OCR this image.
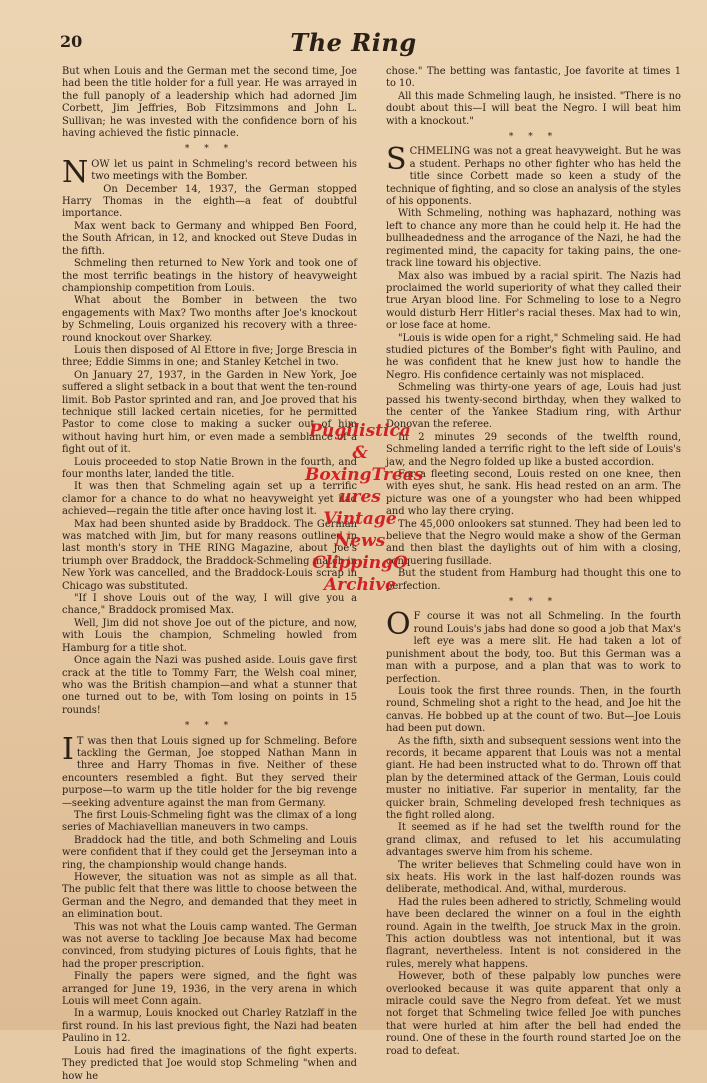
20	The Ring

But when Louis and the German met the second time, Joe had been the title holder for a full year. He was arrayed in the full panoply of a leadership which had adorned Jim Corbett, Jim Jeffries, Bob Fitzsimmons and John L. Sullivan; he was invested with the confidence born of his having achieved the fistic pinnacle.

* * *

NOW let us paint in Schmeling's record between his two meetings with the Bomber.

On December 14, 1937, the German stopped Harry Thomas in the eighth—a feat of doubtful importance.

Max went back to Germany and whipped Ben Foord, the South African, in 12, and knocked out Steve Dudas in the fifth.

Schmeling then returned to New York and took one of the most terrific beatings in the history of heavyweight championship competition from Louis.

What about the Bomber in between the two engagements with Max? Two months after Joe's knockout by Schmeling, Louis organized his recovery with a three-round knockout over Sharkey.

Louis then disposed of Al Ettore in five; Jorge Brescia in three; Eddie Simms in one; and Stanley Ketchel in two.

On January 27, 1937, in the Garden in New York, Joe suffered a slight setback in a bout that went the ten-round limit. Bob Pastor sprinted and ran, and Joe proved that his technique still lacked certain niceties, for he permitted Pastor to come close to making a sucker out of him without having hurt him, or even made a semblance of a fight out of it.

Louis proceeded to stop Natie Brown in the fourth, and four months later, landed the title.

It was then that Schmeling again set up a terrific clamor for a chance to do what no heavyweight yet had achieved—regain the title after once having lost it.

Max had been shunted aside by Braddock. The German was matched with Jim, but for many reasons outlined in last month's story in THE RING Magazine, about Joe's triumph over Braddock, the Braddock-Schmeling match in New York was cancelled, and the Braddock-Louis scrap in Chicago was substituted.

"If I shove Louis out of the way, I will give you a chance," Braddock promised Max.

Well, Jim did not shove Joe out of the picture, and now, with Louis the champion, Schmeling howled from Hamburg for a title shot.

Once again the Nazi was pushed aside. Louis gave first crack at the title to Tommy Farr, the Welsh coal miner, who was the British champion—and what a stunner that one turned out to be, with Tom losing on points in 15 rounds!

* * *

I T was then that Louis signed up for Schmeling. Before tackling the German, Joe stopped Nathan Mann in three and Harry Thomas in five. Neither of these encounters resembled a fight. But they served their purpose—to warm up the title holder for the big revenge—seeking adventure against the man from Germany.

The first Louis-Schmeling fight was the climax of a long series of Machiavellian maneuvers in two camps.

Braddock had the title, and both Schmeling and Louis were confident that if they could get the Jerseyman into a ring, the championship would change hands.

However, the situation was not as simple as all that. The public felt that there was little to choose between the German and the Negro, and demanded that they meet in an elimination bout.

This was not what the Louis camp wanted. The German was not averse to tackling Joe because Max had become convinced, from studying pictures of Louis fights, that he had the proper prescription.

Finally the papers were signed, and the fight was arranged for June 19, 1936, in the very arena in which Louis will meet Conn again.

In a warmup, Louis knocked out Charley Ratzlaff in the first round. In his last previous fight, the Nazi had beaten Paulino in 12.

Louis had fired the imaginations of the fight experts. They predicted that Joe would stop Schmeling "when and how he

chose." The betting was fantastic, Joe favorite at times 1 to 10.

All this made Schmeling laugh, he insisted. "There is no doubt about this—I will beat the Negro. I will beat him with a knockout."

* * *

SCHMELING was not a great heavyweight. But he was a student. Perhaps no other fighter who has held the title since Corbett made so keen a study of the technique of fighting, and so close an analysis of the styles of his opponents.

With Schmeling, nothing was haphazard, nothing was left to chance any more than he could help it. He had the bullheadedness and the arrogance of the Nazi, he had the regimented mind, the capacity for taking pains, the one-track line toward his objective.

Max also was imbued by a racial spirit. The Nazis had proclaimed the world superiority of what they called their true Aryan blood line. For Schmeling to lose to a Negro would disturb Herr Hitler's racial theses. Max had to win, or lose face at home.

"Louis is wide open for a right," Schmeling said. He had studied pictures of the Bomber's fight with Paulino, and he was confident that he knew just how to handle the Negro. His confidence certainly was not misplaced.

Schmeling was thirty-one years of age, Louis had just passed his twenty-second birthday, when they walked to the center of the Yankee Stadium ring, with Arthur Donovan the referee.

In 2 minutes 29 seconds of the twelfth round, Schmeling landed a terrific right to the left side of Louis's jaw, and the Negro folded up like a busted accordion.

For a fleeting second, Louis rested on one knee, then with eyes shut, he sank. His head rested on an arm. The picture was one of a youngster who had been whipped and who lay there crying.

The 45,000 onlookers sat stunned. They had been led to believe that the Negro would make a show of the German and then blast the daylights out of him with a closing, conquering fusillade.

But the student from Hamburg had thought this one to perfection.

* * *

O F course it was not all Schmeling. In the fourth round Louis's jabs had done so good a job that Max's left eye was a mere slit. He had taken a lot of punishment about the body, too. But this German was a man with a purpose, and a plan that was to work to perfection.

Louis took the first three rounds. Then, in the fourth round, Schmeling shot a right to the head, and Joe hit the canvas. He bobbed up at the count of two. But—Joe Louis had been put down.

As the fifth, sixth and subsequent sessions went into the records, it became apparent that Louis was not a mental giant. He had been instructed what to do. Thrown off that plan by the determined attack of the German, Louis could muster no initiative. Far superior in mentality, far the quicker brain, Schmeling developed fresh techniques as the fight rolled along.

It seemed as if he had set the twelfth round for the grand climax, and refused to let his accumulating advantages swerve him from his scheme.

The writer believes that Schmeling could have won in six heats. His work in the last half-dozen rounds was deliberate, methodical. And, withal, murderous.

Had the rules been adhered to strictly, Schmeling would have been declared the winner on a foul in the eighth round. Again in the twelfth, Joe struck Max in the groin. This action doubtless was not intentional, but it was flagrant, nevertheless. Intent is not considered in the rules, merely what happens.

However, both of these palpably low punches were overlooked because it was quite apparent that only a miracle could save the Negro from defeat. Yet we must not forget that Schmeling twice felled Joe with punches that were hurled at him after the bell had ended the round. One of these in the fourth round started Joe on the road to defeat.

Pugilistica
&
BoxingTreas
ures
Vintage
News
ClippingO
Archive
